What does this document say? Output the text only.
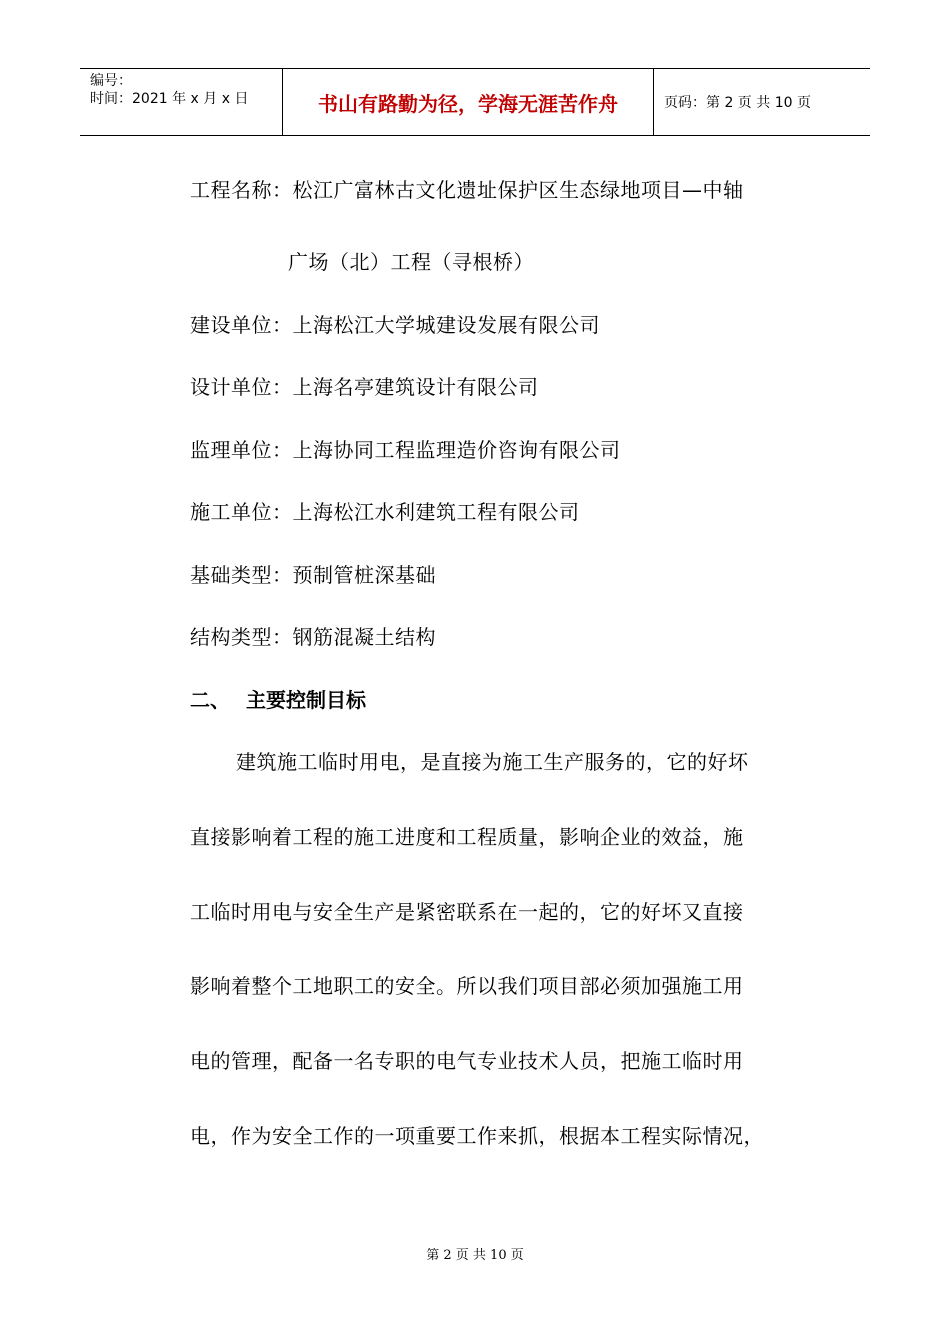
编号：
时间：2021 年 x 月 x 日	书山有路勤为径，学海无涯苦作舟	页码：第 2 页 共 10 页
工程名称：松江广富林古文化遗址保护区生态绿地项目—中轴
广场（北）工程（寻根桥）
建设单位：上海松江大学城建设发展有限公司
设计单位：上海名亭建筑设计有限公司
监理单位：上海协同工程监理造价咨询有限公司
施工单位：上海松江水利建筑工程有限公司
基础类型：预制管桩深基础
结构类型：钢筋混凝土结构
二、 主要控制目标
建筑施工临时用电，是直接为施工生产服务的，它的好坏
直接影响着工程的施工进度和工程质量，影响企业的效益，施
工临时用电与安全生产是紧密联系在一起的，它的好坏又直接
影响着整个工地职工的安全。所以我们项目部必须加强施工用
电的管理，配备一名专职的电气专业技术人员，把施工临时用
电，作为安全工作的一项重要工作来抓，根据本工程实际情况，
第 2 页 共 10 页
